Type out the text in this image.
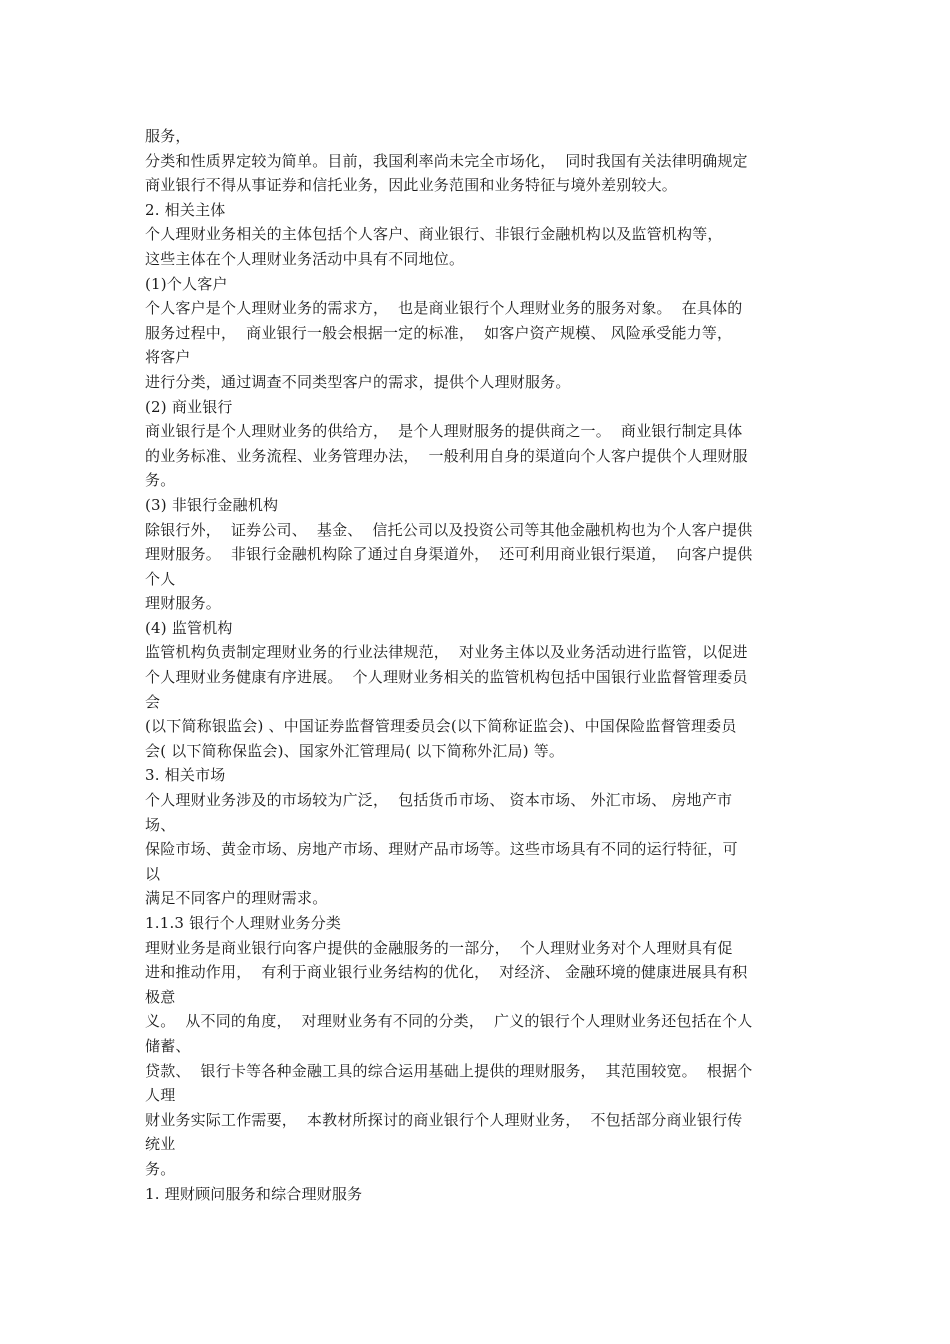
服务，
分类和性质界定较为简单。目前，我国利率尚未完全市场化，  同时我国有关法律明确规定
商业银行不得从事证券和信托业务，因此业务范围和业务特征与境外差别较大。
2. 相关主体
个人理财业务相关的主体包括个人客户、商业银行、非银行金融机构以及监管机构等，
这些主体在个人理财业务活动中具有不同地位。
(1)个人客户
个人客户是个人理财业务的需求方，  也是商业银行个人理财业务的服务对象。  在具体的
服务过程中，  商业银行一般会根据一定的标准，  如客户资产规模、 风险承受能力等，
将客户
进行分类，通过调查不同类型客户的需求，提供个人理财服务。
(2) 商业银行
商业银行是个人理财业务的供给方，  是个人理财服务的提供商之一。  商业银行制定具体
的业务标准、业务流程、业务管理办法，  一般利用自身的渠道向个人客户提供个人理财服
务。
(3) 非银行金融机构
除银行外，  证券公司、  基金、  信托公司以及投资公司等其他金融机构也为个人客户提供
理财服务。  非银行金融机构除了通过自身渠道外，  还可利用商业银行渠道，  向客户提供
个人
理财服务。
(4) 监管机构
监管机构负责制定理财业务的行业法律规范，  对业务主体以及业务活动进行监管，以促进
个人理财业务健康有序进展。  个人理财业务相关的监管机构包括中国银行业监督管理委员
会
(以下简称银监会) 、中国证券监督管理委员会(以下简称证监会)、中国保险监督管理委员
会( 以下简称保监会)、国家外汇管理局( 以下简称外汇局) 等。
3. 相关市场
个人理财业务涉及的市场较为广泛，  包括货币市场、 资本市场、 外汇市场、 房地产市
场、
保险市场、黄金市场、房地产市场、理财产品市场等。这些市场具有不同的运行特征，可
以
满足不同客户的理财需求。
1.1.3 银行个人理财业务分类
理财业务是商业银行向客户提供的金融服务的一部分，  个人理财业务对个人理财具有促
进和推动作用，  有利于商业银行业务结构的优化，  对经济、 金融环境的健康进展具有积
极意
义。  从不同的角度，  对理财业务有不同的分类，  广义的银行个人理财业务还包括在个人
储蓄、
贷款、  银行卡等各种金融工具的综合运用基础上提供的理财服务，  其范围较宽。  根据个
人理
财业务实际工作需要，  本教材所探讨的商业银行个人理财业务，  不包括部分商业银行传
统业
务。
1. 理财顾问服务和综合理财服务
